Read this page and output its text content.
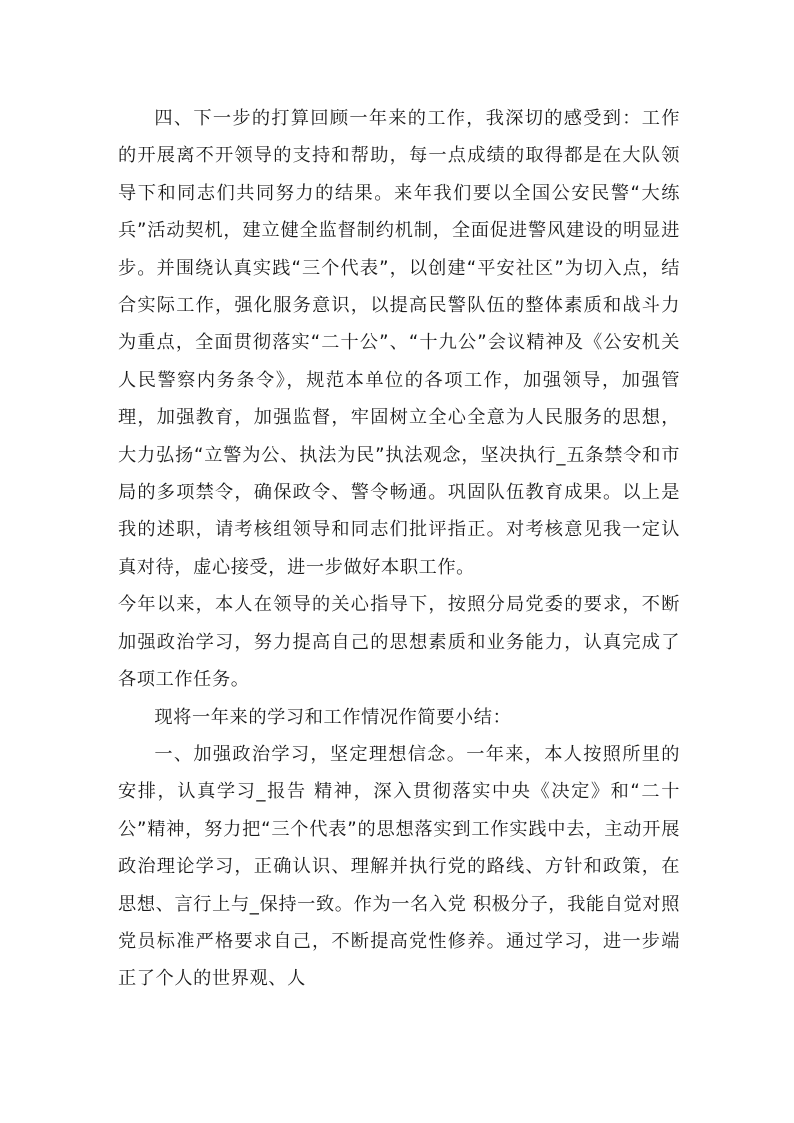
四、下一步的打算回顾一年来的工作，我深切的感受到：工作的开展离不开领导的支持和帮助，每一点成绩的取得都是在大队领导下和同志们共同努力的结果。来年我们要以全国公安民警“大练兵”活动契机，建立健全监督制约机制，全面促进警风建设的明显进步。并围绕认真实践“三个代表”，以创建“平安社区”为切入点，结合实际工作，强化服务意识，以提高民警队伍的整体素质和战斗力为重点，全面贯彻落实“二十公”、“十九公”会议精神及《公安机关人民警察内务条令》，规范本单位的各项工作，加强领导，加强管理，加强教育，加强监督，牢固树立全心全意为人民服务的思想，大力弘扬“立警为公、执法为民”执法观念，坚决执行_五条禁令和市局的多项禁令，确保政令、警令畅通。巩固队伍教育成果。以上是我的述职，请考核组领导和同志们批评指正。对考核意见我一定认真对待，虚心接受，进一步做好本职工作。

今年以来，本人在领导的关心指导下，按照分局党委的要求，不断加强政治学习，努力提高自己的思想素质和业务能力，认真完成了各项工作任务。

现将一年来的学习和工作情况作简要小结：

一、加强政治学习，坚定理想信念。一年来，本人按照所里的安排，认真学习_报告 精神，深入贯彻落实中央《决定》和“二十公”精神，努力把“三个代表”的思想落实到工作实践中去，主动开展政治理论学习，正确认识、理解并执行党的路线、方针和政策，在思想、言行上与_保持一致。作为一名入党 积极分子，我能自觉对照党员标准严格要求自己，不断提高党性修养。通过学习，进一步端正了个人的世界观、人
